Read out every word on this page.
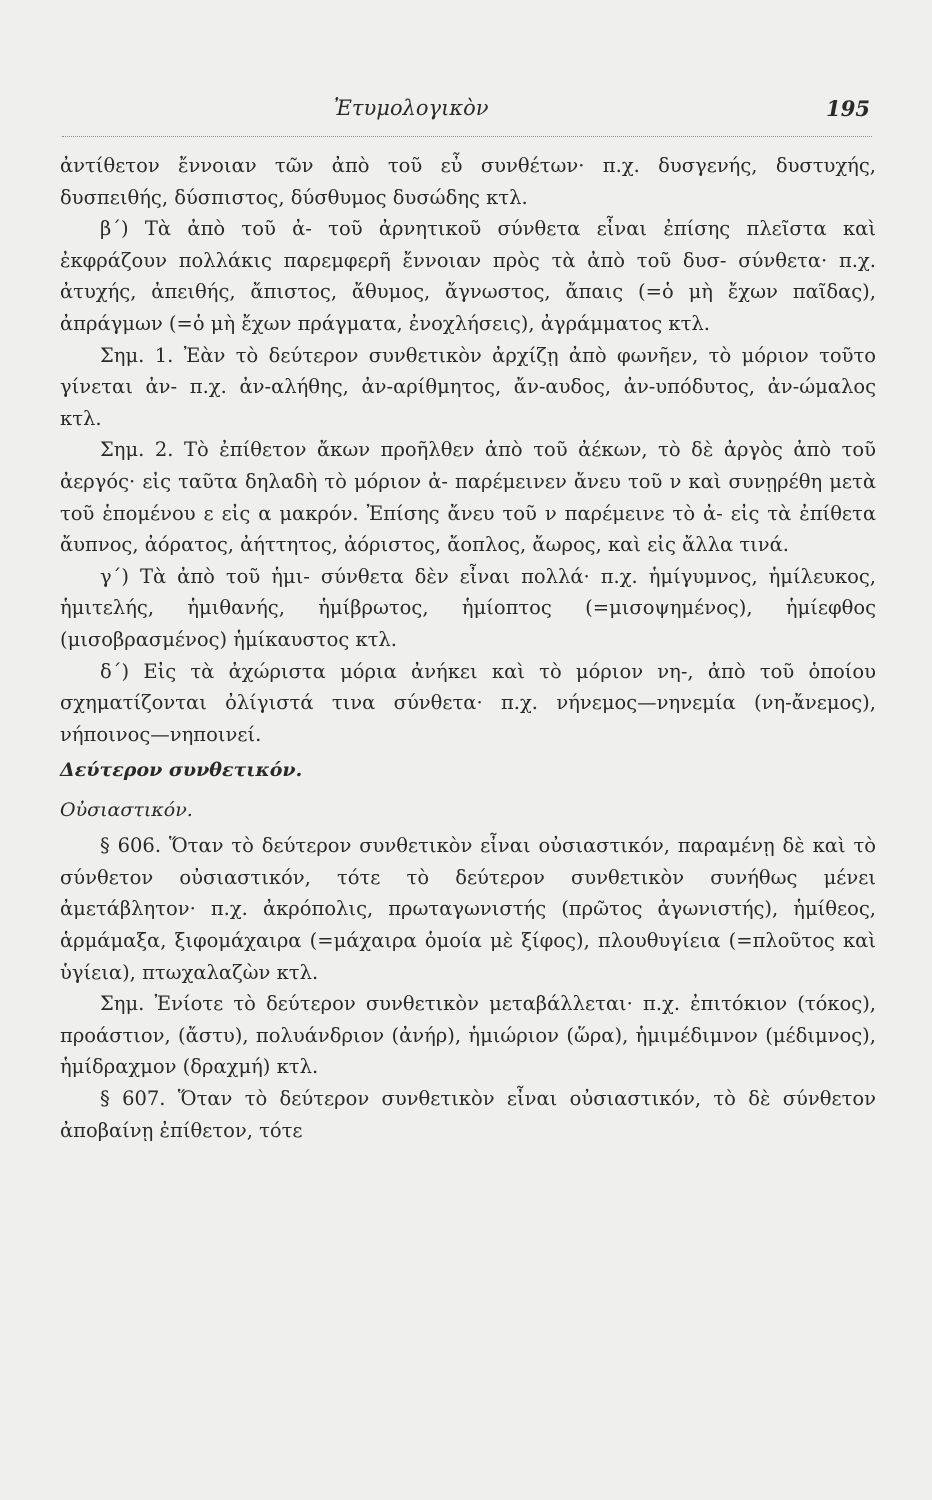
Ἐτυμολογικὸν	195

ἀντίθετον ἔννοιαν τῶν ἀπὸ τοῦ εὖ συνθέτων· π.χ. δυσγενής, δυστυχής, δυσπειθής, δύσπιστος, δύσθυμος δυσώδης κτλ.

β΄) Τὰ ἀπὸ τοῦ ἀ- τοῦ ἀρνητικοῦ σύνθετα εἶναι ἐπίσης πλεῖστα καὶ ἐκφράζουν πολλάκις παρεμφερῆ ἔννοιαν πρὸς τὰ ἀπὸ τοῦ δυσ- σύνθετα· π.χ. ἀτυχής, ἀπειθής, ἄπιστος, ἄθυμος, ἄγνωστος, ἄπαις (=ὁ μὴ ἔχων παῖδας), ἀπράγμων (=ὁ μὴ ἔχων πράγματα, ἐνοχλήσεις), ἀγράμματος κτλ.

Σημ. 1. Ἐὰν τὸ δεύτερον συνθετικὸν ἀρχίζῃ ἀπὸ φωνῆεν, τὸ μόριον τοῦτο γίνεται ἀν- π.χ. ἀν-αλήθης, ἀν-αρίθμητος, ἄν-αυδος, ἀν-υπόδυτος, ἀν-ώμαλος κτλ.

Σημ. 2. Τὸ ἐπίθετον ἄκων προῆλθεν ἀπὸ τοῦ ἀέκων, τὸ δὲ ἀργὸς ἀπὸ τοῦ ἀεργός· εἰς ταῦτα δηλαδὴ τὸ μόριον ἀ- παρέμεινεν ἄνευ τοῦ ν καὶ συνῃρέθη μετὰ τοῦ ἑπομένου ε εἰς α μακρόν. Ἐπίσης ἄνευ τοῦ ν παρέμεινε τὸ ἀ- εἰς τὰ ἐπίθετα ἄυπνος, ἀόρατος, ἀήττητος, ἀόριστος, ἄοπλος, ἄωρος, καὶ εἰς ἄλλα τινά.

γ΄) Τὰ ἀπὸ τοῦ ἡμι- σύνθετα δὲν εἶναι πολλά· π.χ. ἡμίγυμνος, ἡμίλευκος, ἡμιτελής, ἡμιθανής, ἡμίβρωτος, ἡμίοπτος (=μισοψημένος), ἡμίεφθος (μισοβρασμένος) ἡμίκαυστος κτλ.

δ΄) Εἰς τὰ ἀχώριστα μόρια ἀνήκει καὶ τὸ μόριον νη-, ἀπὸ τοῦ ὁποίου σχηματίζονται ὀλίγιστά τινα σύνθετα· π.χ. νήνεμος—νηνεμία (νη-ἄνεμος), νήποινος—νηποινεί.

Δεύτερον συνθετικόν.

Οὐσιαστικόν.

§ 606. Ὅταν τὸ δεύτερον συνθετικὸν εἶναι οὐσιαστικόν, παραμένῃ δὲ καὶ τὸ σύνθετον οὐσιαστικόν, τότε τὸ δεύτερον συνθετικὸν συνήθως μένει ἀμετάβλητον· π.χ. ἀκρόπολις, πρωταγωνιστής (πρῶτος ἀγωνιστής), ἡμίθεος, ἁρμάμαξα, ξιφομάχαιρα (=μάχαιρα ὁμοία μὲ ξίφος), πλουθυγίεια (=πλοῦτος καὶ ὑγίεια), πτωχαλαζὼν κτλ.

Σημ. Ἐνίοτε τὸ δεύτερον συνθετικὸν μεταβάλλεται· π.χ. ἐπιτόκιον (τόκος), προάστιον, (ἄστυ), πολυάνδριον (ἀνήρ), ἡμιώριον (ὥρα), ἡμιμέδιμνον (μέδιμνος), ἡμίδραχμον (δραχμή) κτλ.

§ 607. Ὅταν τὸ δεύτερον συνθετικὸν εἶναι οὐσιαστικόν, τὸ δὲ σύνθετον ἀποβαίνῃ ἐπίθετον, τότε
